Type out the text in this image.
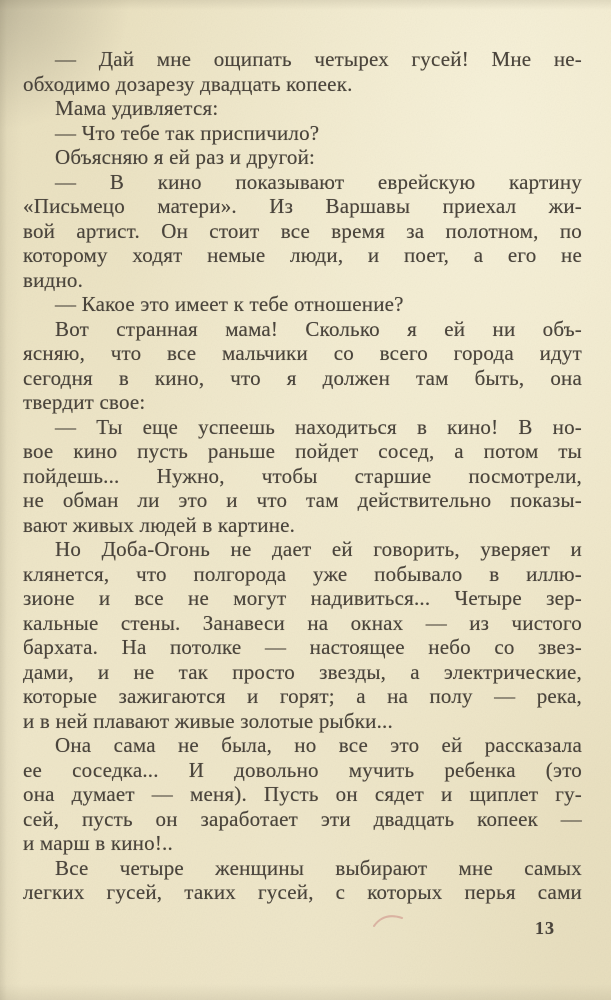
— Дай мне ощипать четырех гусей! Мне не-
обходимо дозарезу двадцать копеек.
Мама удивляется:
— Что тебе так приспичило?
Объясняю я ей раз и другой:
— В кино показывают еврейскую картину
«Письмецо матери». Из Варшавы приехал жи-
вой артист. Он стоит все время за полотном, по
которому ходят немые люди, и поет, а его не
видно.
— Какое это имеет к тебе отношение?
Вот странная мама! Сколько я ей ни объ-
ясняю, что все мальчики со всего города идут
сегодня в кино, что я должен там быть, она
твердит свое:
— Ты еще успеешь находиться в кино! В но-
вое кино пусть раньше пойдет сосед, а потом ты
пойдешь... Нужно, чтобы старшие посмотрели,
не обман ли это и что там действительно показы-
вают живых людей в картине.
Но Доба-Огонь не дает ей говорить, уверяет и
клянется, что полгорода уже побывало в иллю-
зионе и все не могут надивиться... Четыре зер-
кальные стены. Занавеси на окнах — из чистого
бархата. На потолке — настоящее небо со звез-
дами, и не так просто звезды, а электрические,
которые зажигаются и горят; а на полу — река,
и в ней плавают живые золотые рыбки...
Она сама не была, но все это ей рассказала
ее соседка... И довольно мучить ребенка (это
она думает — меня). Пусть он сядет и щиплет гу-
сей, пусть он заработает эти двадцать копеек —
и марш в кино!..
Все четыре женщины выбирают мне самых
легких гусей, таких гусей, с которых перья сами
13
